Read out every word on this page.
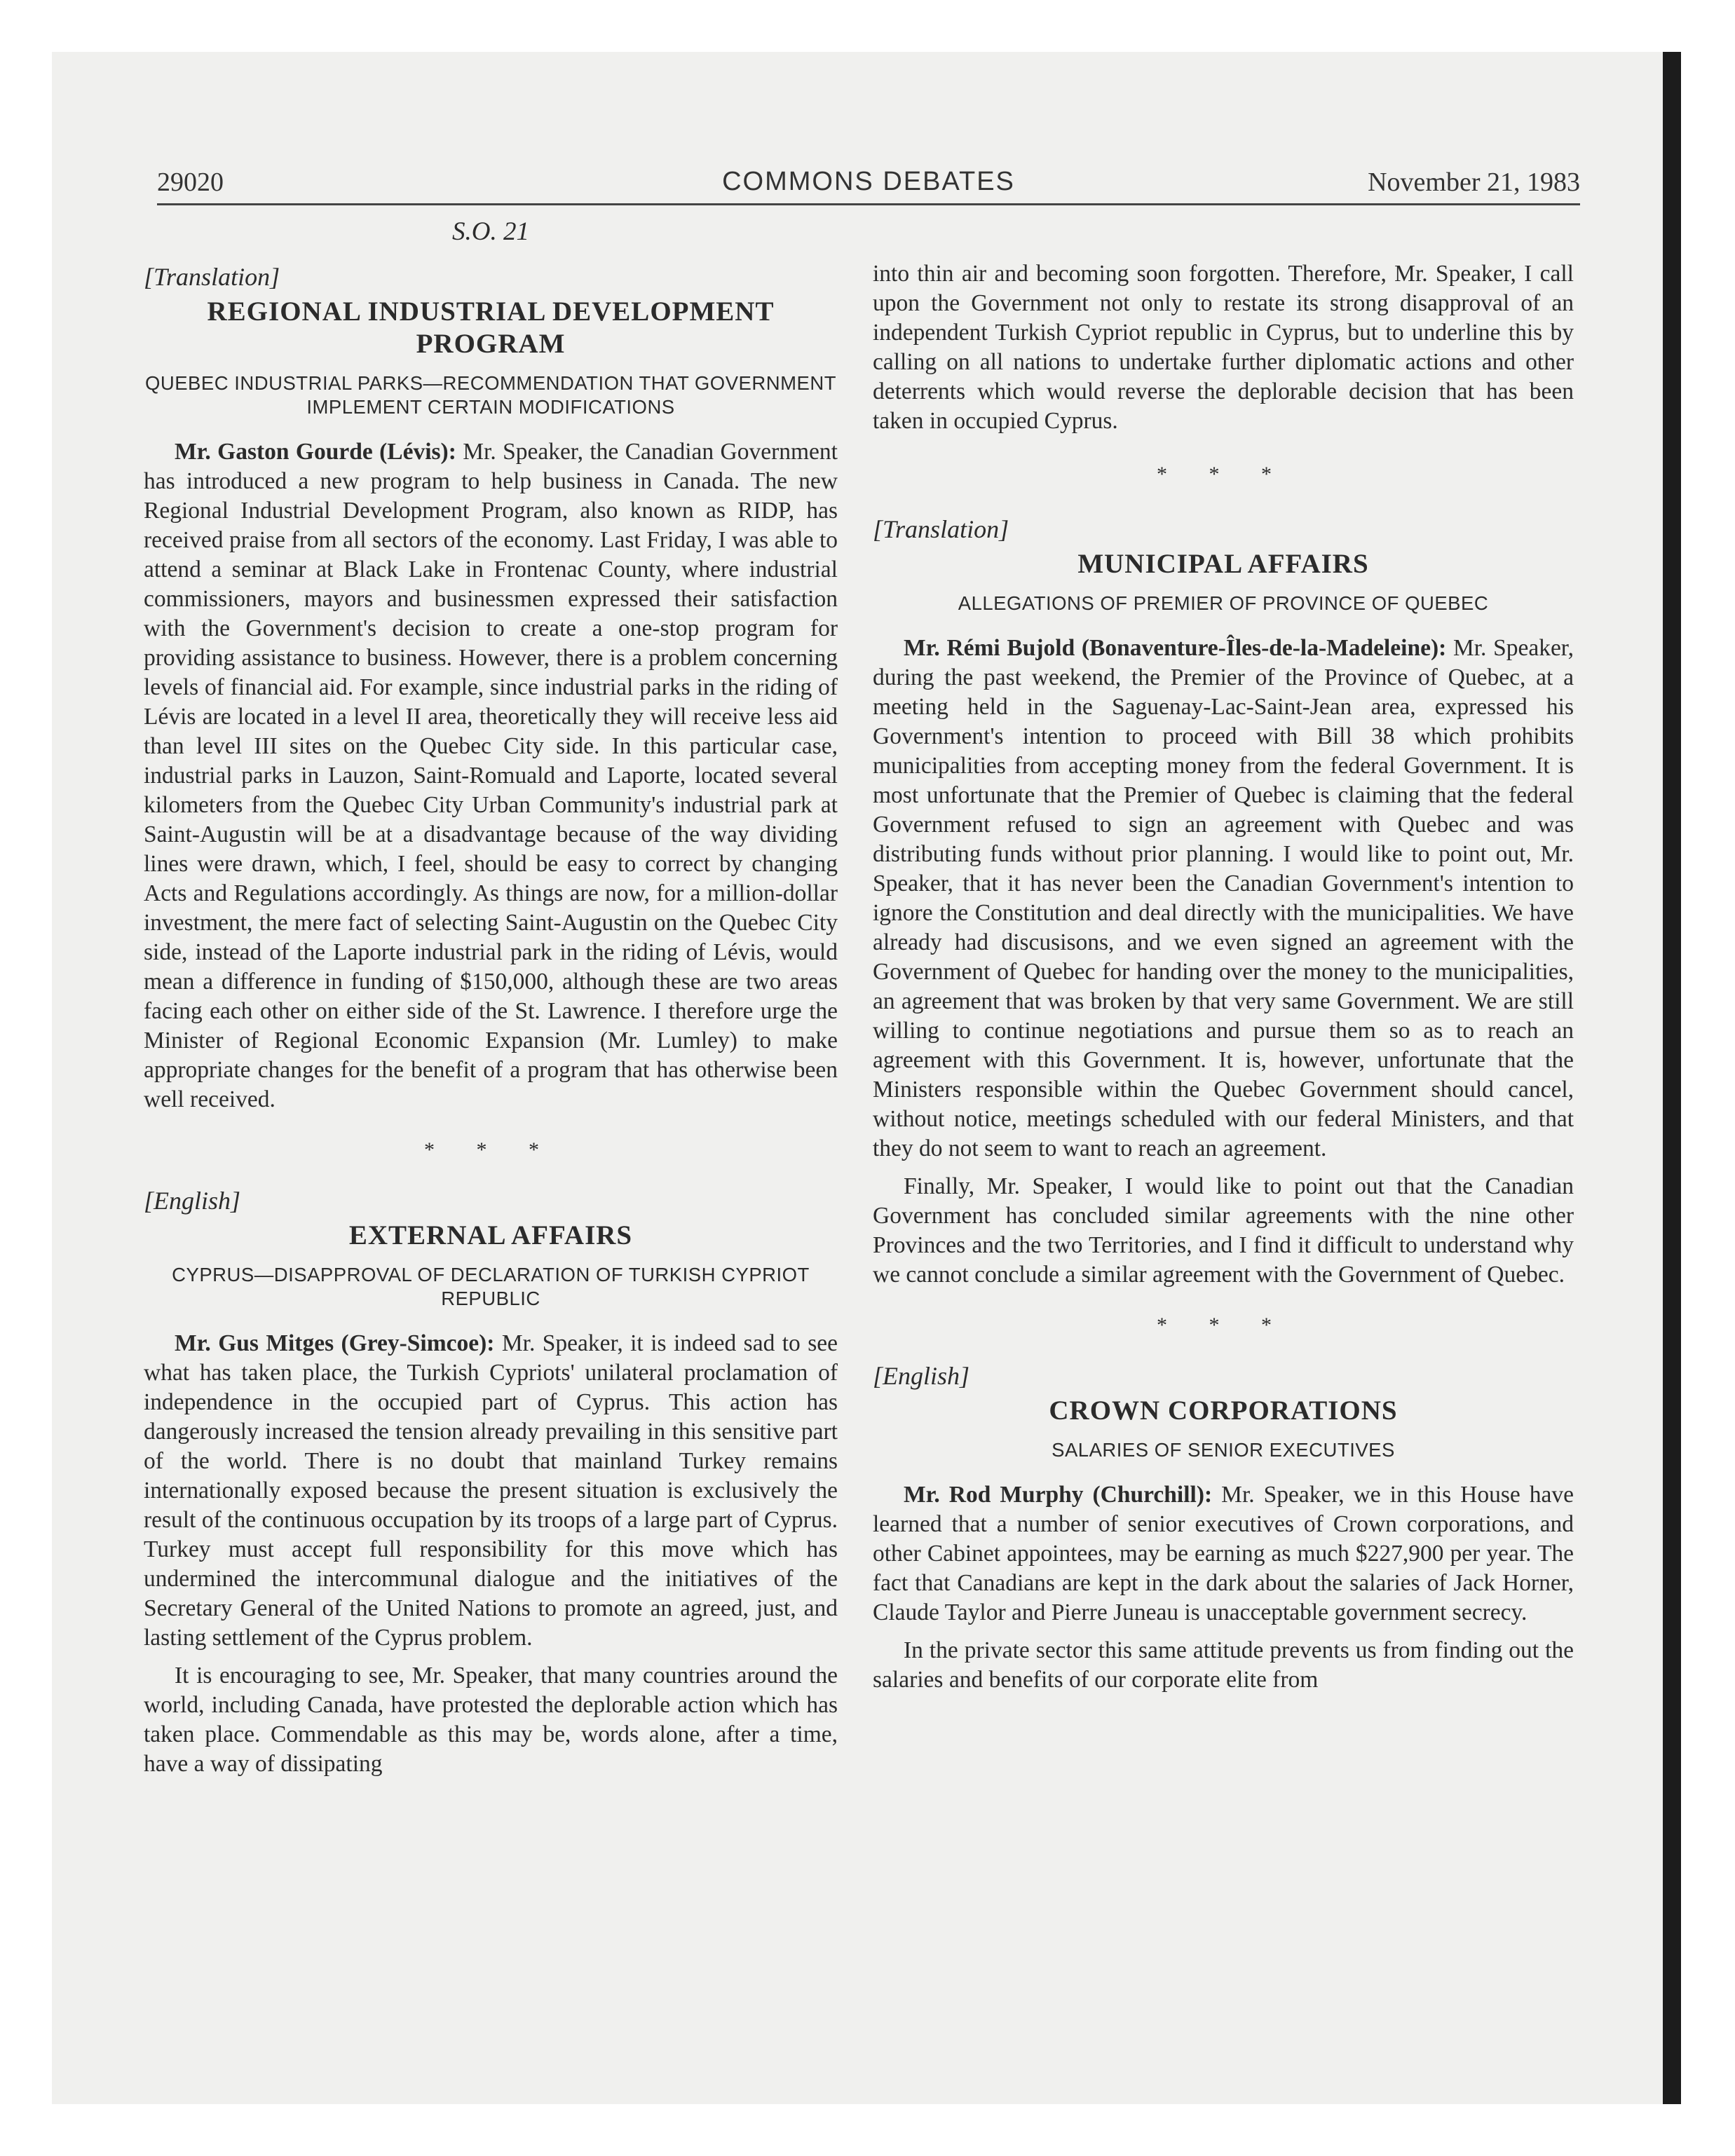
29020	COMMONS DEBATES	November 21, 1983
S.O. 21
[Translation]
REGIONAL INDUSTRIAL DEVELOPMENT PROGRAM
QUEBEC INDUSTRIAL PARKS—RECOMMENDATION THAT GOVERNMENT IMPLEMENT CERTAIN MODIFICATIONS

Mr. Gaston Gourde (Lévis): Mr. Speaker, the Canadian Government has introduced a new program to help business in Canada. The new Regional Industrial Development Program, also known as RIDP, has received praise from all sectors of the economy. Last Friday, I was able to attend a seminar at Black Lake in Frontenac County, where industrial commissioners, mayors and businessmen expressed their satisfaction with the Government's decision to create a one-stop program for providing assistance to business. However, there is a problem concerning levels of financial aid. For example, since industrial parks in the riding of Lévis are located in a level II area, theoretically they will receive less aid than level III sites on the Quebec City side. In this particular case, industrial parks in Lauzon, Saint-Romuald and Laporte, located several kilometers from the Quebec City Urban Community's industrial park at Saint-Augustin will be at a disadvantage because of the way dividing lines were drawn, which, I feel, should be easy to correct by changing Acts and Regulations accordingly. As things are now, for a million-dollar investment, the mere fact of selecting Saint-Augustin on the Quebec City side, instead of the Laporte industrial park in the riding of Lévis, would mean a difference in funding of $150,000, although these are two areas facing each other on either side of the St. Lawrence. I therefore urge the Minister of Regional Economic Expansion (Mr. Lumley) to make appropriate changes for the benefit of a program that has otherwise been well received.

* * *
[English]
EXTERNAL AFFAIRS
CYPRUS—DISAPPROVAL OF DECLARATION OF TURKISH CYPRIOT REPUBLIC

Mr. Gus Mitges (Grey-Simcoe): Mr. Speaker, it is indeed sad to see what has taken place, the Turkish Cypriots' unilateral proclamation of independence in the occupied part of Cyprus. This action has dangerously increased the tension already prevailing in this sensitive part of the world. There is no doubt that mainland Turkey remains internationally exposed because the present situation is exclusively the result of the continuous occupation by its troops of a large part of Cyprus. Turkey must accept full responsibility for this move which has undermined the intercommunal dialogue and the initiatives of the Secretary General of the United Nations to promote an agreed, just, and lasting settlement of the Cyprus problem.

It is encouraging to see, Mr. Speaker, that many countries around the world, including Canada, have protested the deplorable action which has taken place. Commendable as this may be, words alone, after a time, have a way of dissipating

into thin air and becoming soon forgotten. Therefore, Mr. Speaker, I call upon the Government not only to restate its strong disapproval of an independent Turkish Cypriot republic in Cyprus, but to underline this by calling on all nations to undertake further diplomatic actions and other deterrents which would reverse the deplorable decision that has been taken in occupied Cyprus.

* * *
[Translation]
MUNICIPAL AFFAIRS
ALLEGATIONS OF PREMIER OF PROVINCE OF QUEBEC

Mr. Rémi Bujold (Bonaventure-Îles-de-la-Madeleine): Mr. Speaker, during the past weekend, the Premier of the Province of Quebec, at a meeting held in the Saguenay-Lac-Saint-Jean area, expressed his Government's intention to proceed with Bill 38 which prohibits municipalities from accepting money from the federal Government. It is most unfortunate that the Premier of Quebec is claiming that the federal Government refused to sign an agreement with Quebec and was distributing funds without prior planning. I would like to point out, Mr. Speaker, that it has never been the Canadian Government's intention to ignore the Constitution and deal directly with the municipalities. We have already had discusisons, and we even signed an agreement with the Government of Quebec for handing over the money to the municipalities, an agreement that was broken by that very same Government. We are still willing to continue negotiations and pursue them so as to reach an agreement with this Government. It is, however, unfortunate that the Ministers responsible within the Quebec Government should cancel, without notice, meetings scheduled with our federal Ministers, and that they do not seem to want to reach an agreement.

Finally, Mr. Speaker, I would like to point out that the Canadian Government has concluded similar agreements with the nine other Provinces and the two Territories, and I find it difficult to understand why we cannot conclude a similar agreement with the Government of Quebec.

* * *
[English]
CROWN CORPORATIONS
SALARIES OF SENIOR EXECUTIVES

Mr. Rod Murphy (Churchill): Mr. Speaker, we in this House have learned that a number of senior executives of Crown corporations, and other Cabinet appointees, may be earning as much $227,900 per year. The fact that Canadians are kept in the dark about the salaries of Jack Horner, Claude Taylor and Pierre Juneau is unacceptable government secrecy.

In the private sector this same attitude prevents us from finding out the salaries and benefits of our corporate elite from
